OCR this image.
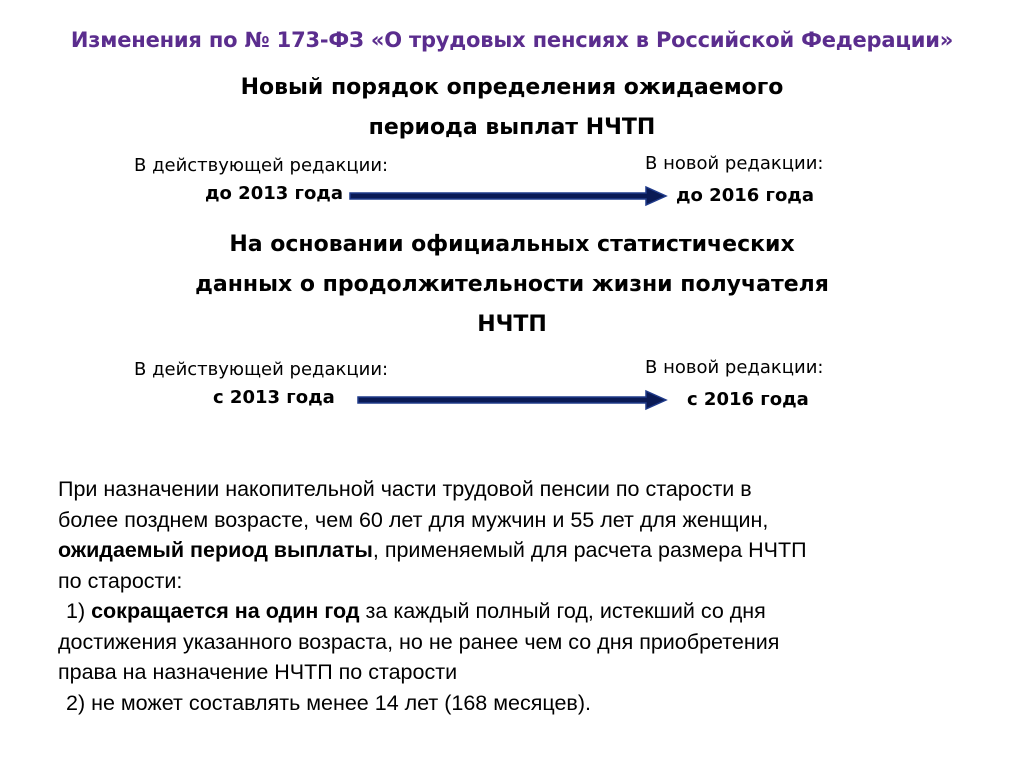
Изменения по № 173-ФЗ «О трудовых пенсиях в Российской Федерации»
Новый порядок определения ожидаемого
периода выплат НЧТП
В действующей редакции:
до 2013 года
В новой редакции:
до 2016 года
На основании официальных статистических
данных о продолжительности жизни получателя
НЧТП
В действующей редакции:
с 2013 года
В новой редакции:
с 2016 года

При назначении накопительной части трудовой пенсии по старости в

более позднем возрасте, чем 60 лет для мужчин и 55 лет для женщин,

ожидаемый период выплаты, применяемый для расчета размера НЧТП

по старости:

1) сокращается на один год за каждый полный год, истекший со дня

достижения указанного возраста, но не ранее чем со дня приобретения

права на назначение НЧТП по старости

2) не может составлять менее 14 лет (168 месяцев).
